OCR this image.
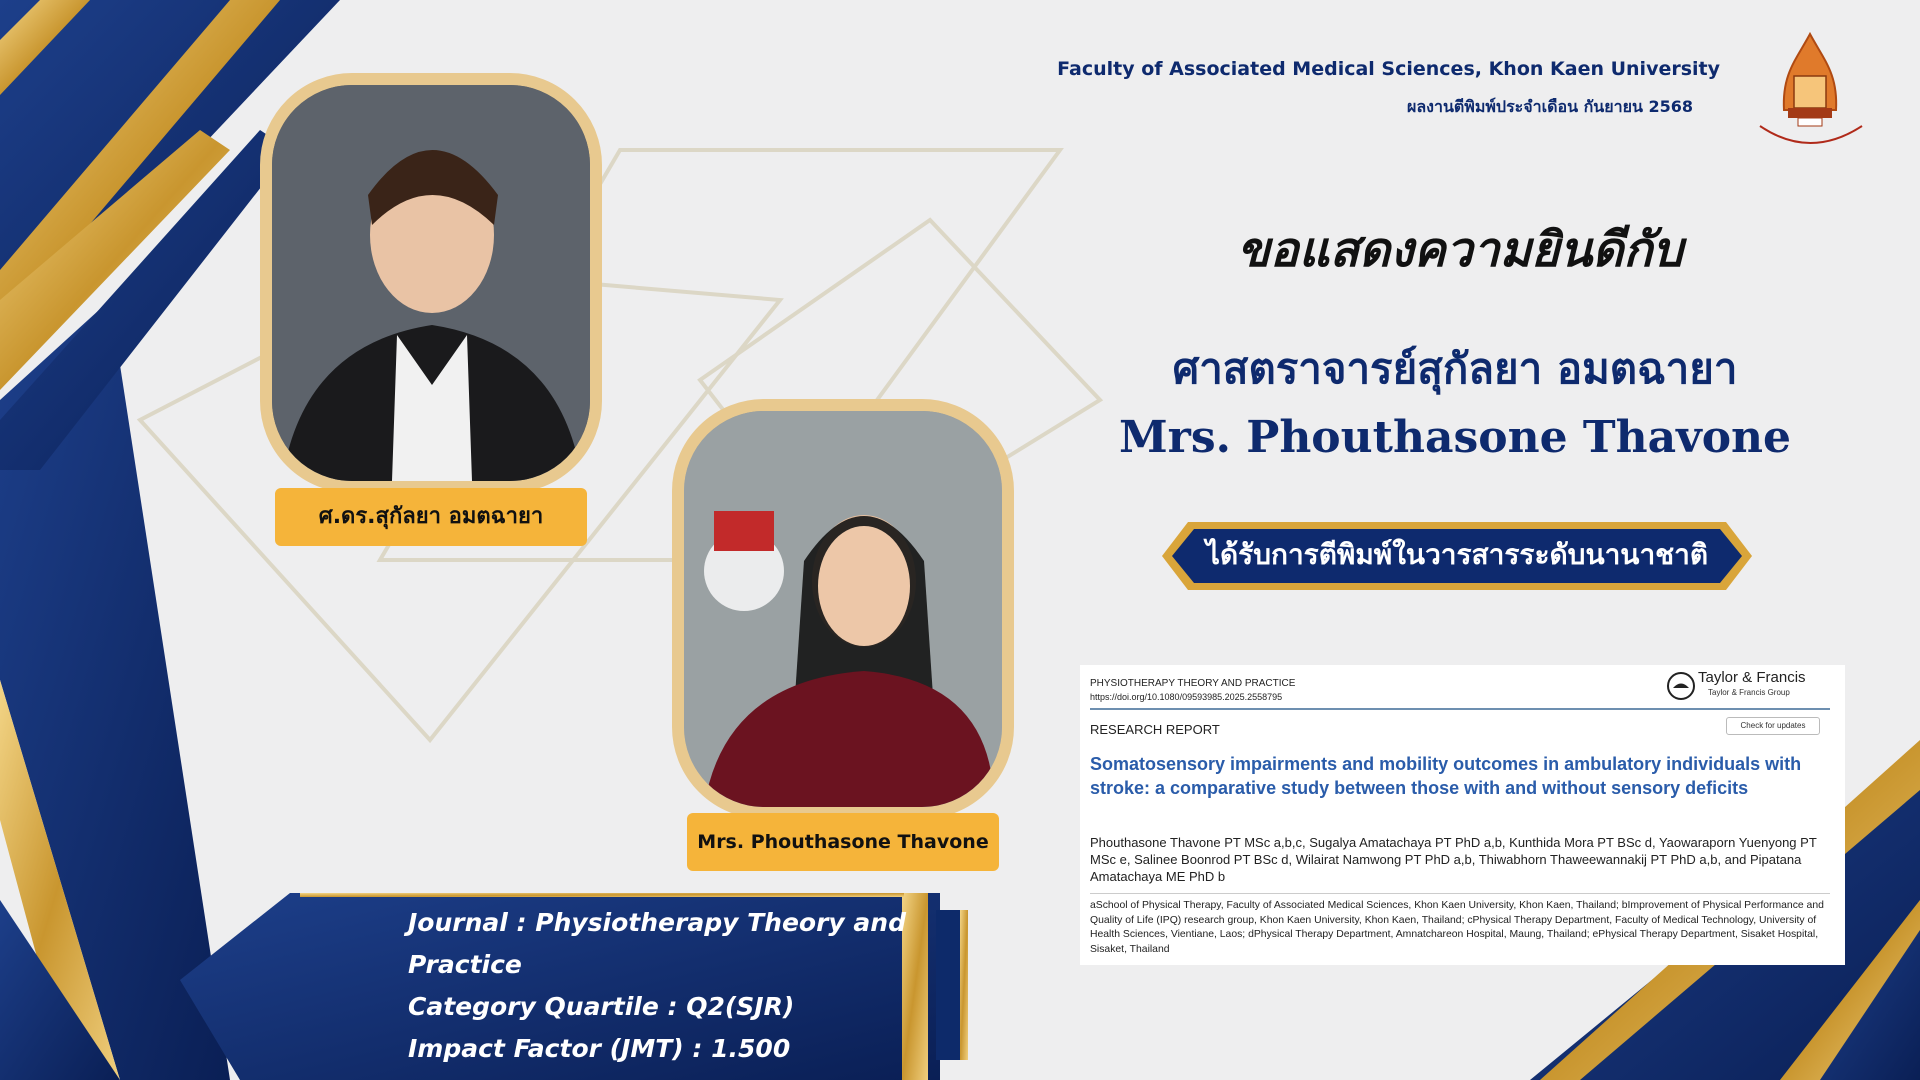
Faculty of Associated Medical Sciences, Khon Kaen University
ผลงานตีพิมพ์ประจำเดือน กันยายน 2568
ขอแสดงความยินดีกับ
ศาสตราจารย์สุกัลยา อมตฉายา
Mrs. Phouthasone Thavone
ได้รับการตีพิมพ์ในวารสารระดับนานาชาติ
ศ.ดร.สุกัลยา อมตฉายา
Mrs. Phouthasone Thavone
Journal : Physiotherapy Theory and
Practice
Category Quartile : Q2(SJR)
Impact Factor (JMT) : 1.500
PHYSIOTHERAPY THEORY AND PRACTICE
https://doi.org/10.1080/09593985.2025.2558795
Taylor & Francis
Taylor & Francis Group
RESEARCH REPORT	Check for updates
Somatosensory impairments and mobility outcomes in ambulatory individuals with stroke: a comparative study between those with and without sensory deficits
Phouthasone Thavone PT MSc a,b,c, Sugalya Amatachaya PT PhD a,b, Kunthida Mora PT BSc d, Yaowaraporn Yuenyong PT MSc e, Salinee Boonrod PT BSc d, Wilairat Namwong PT PhD a,b, Thiwabhorn Thaweewannakij PT PhD a,b, and Pipatana Amatachaya ME PhD b
aSchool of Physical Therapy, Faculty of Associated Medical Sciences, Khon Kaen University, Khon Kaen, Thailand; bImprovement of Physical Performance and Quality of Life (IPQ) research group, Khon Kaen University, Khon Kaen, Thailand; cPhysical Therapy Department, Faculty of Medical Technology, University of Health Sciences, Vientiane, Laos; dPhysical Therapy Department, Amnatchareon Hospital, Maung, Thailand; ePhysical Therapy Department, Sisaket Hospital, Sisaket, Thailand
